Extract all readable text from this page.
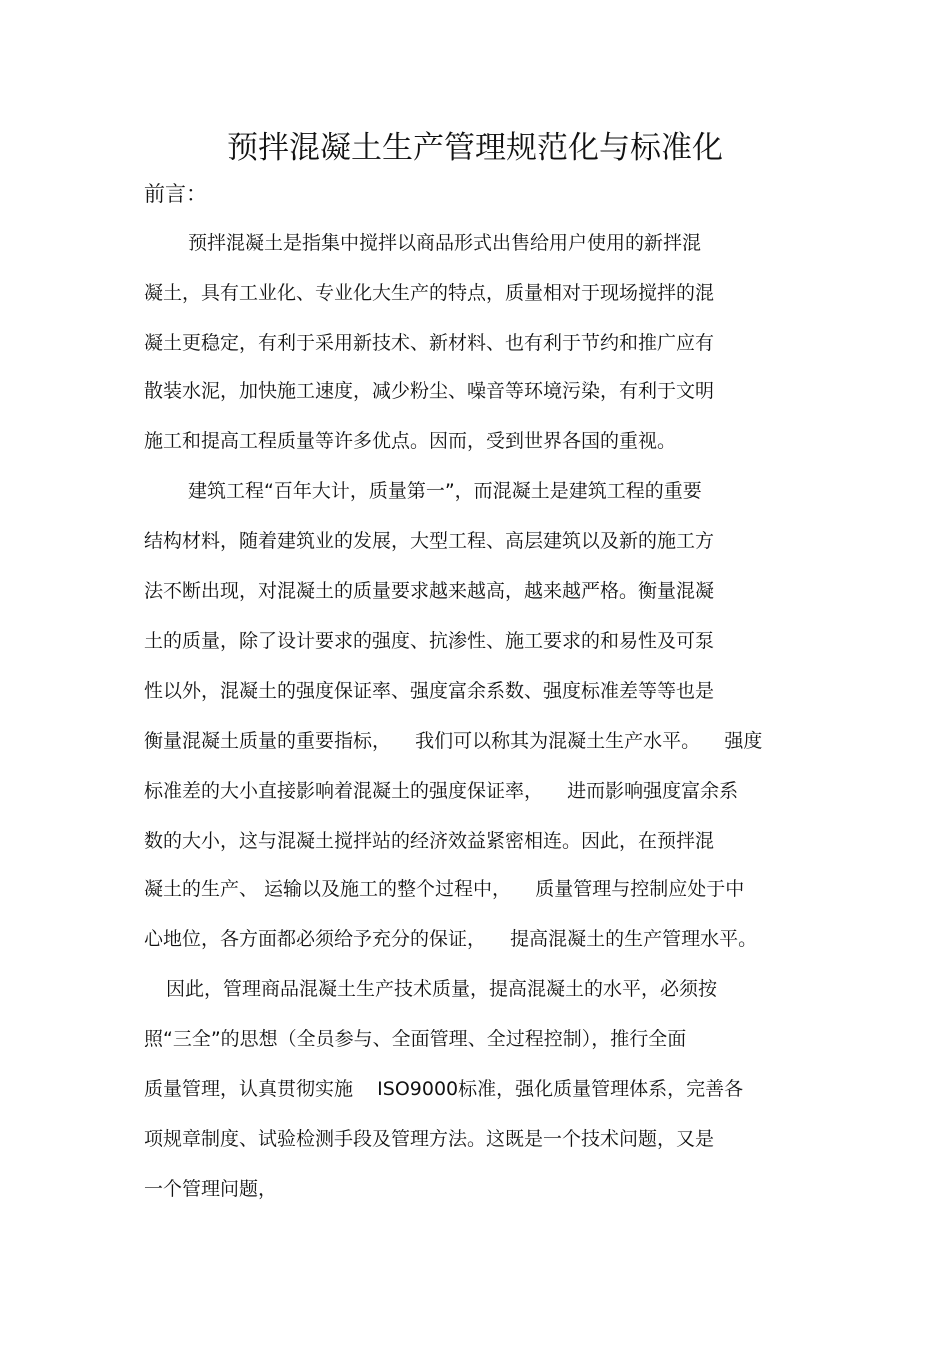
预拌混凝土生产管理规范化与标准化
前言：
预拌混凝土是指集中搅拌以商品形式出售给用户使用的新拌混
凝土，具有工业化、专业化大生产的特点，质量相对于现场搅拌的混
凝土更稳定，有利于采用新技术、新材料、也有利于节约和推广应有
散装水泥，加快施工速度，减少粉尘、噪音等环境污染，有利于文明
施工和提高工程质量等许多优点。因而，受到世界各国的重视。
建筑工程“百年大计，质量第一”，而混凝土是建筑工程的重要
结构材料，随着建筑业的发展，大型工程、高层建筑以及新的施工方
法不断出现，对混凝土的质量要求越来越高，越来越严格。衡量混凝
土的质量，除了设计要求的强度、抗渗性、施工要求的和易性及可泵
性以外，混凝土的强度保证率、强度富余系数、强度标准差等等也是
衡量混凝土质量的重要指标，    我们可以称其为混凝土生产水平。    强度
标准差的大小直接影响着混凝土的强度保证率，    进而影响强度富余系
数的大小，这与混凝土搅拌站的经济效益紧密相连。因此，在预拌混
凝土的生产、 运输以及施工的整个过程中，    质量管理与控制应处于中
心地位，各方面都必须给予充分的保证，    提高混凝土的生产管理水平。
因此，管理商品混凝土生产技术质量，提高混凝土的水平，必须按
照“三全”的思想（全员参与、全面管理、全过程控制），推行全面
质量管理，认真贯彻实施    ISO9000标准，强化质量管理体系，完善各
项规章制度、试验检测手段及管理方法。这既是一个技术问题，又是
一个管理问题，
